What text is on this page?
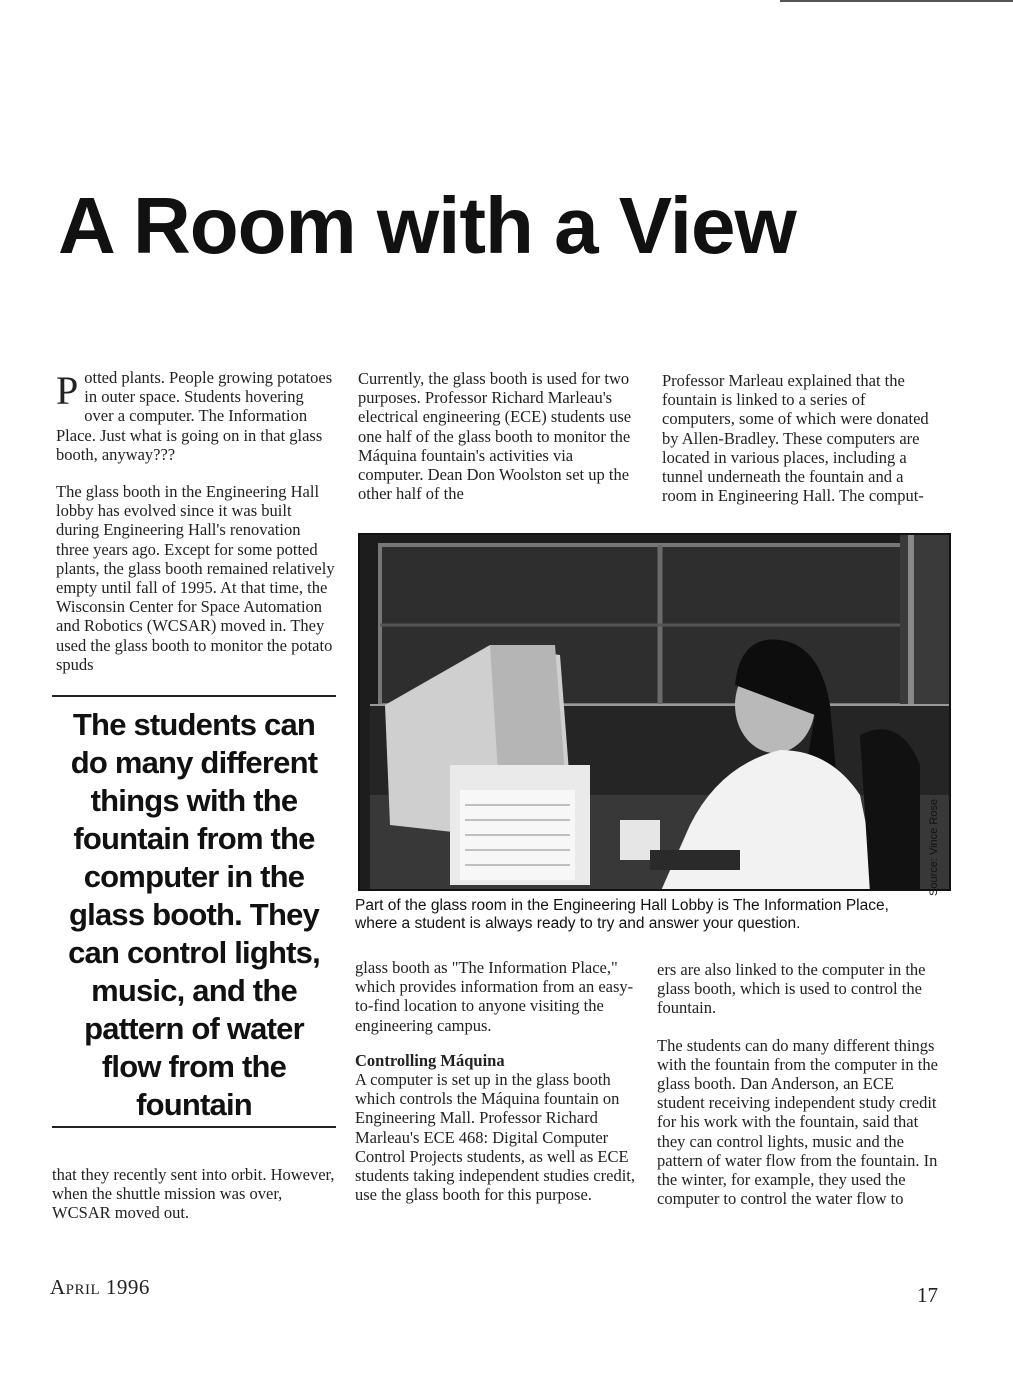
A Room with a View

Potted plants. People growing potatoes in outer space. Students hovering over a computer. The Information Place. Just what is going on in that glass booth, anyway???

The glass booth in the Engineering Hall lobby has evolved since it was built during Engineering Hall's renovation three years ago. Except for some potted plants, the glass booth remained relatively empty until fall of 1995. At that time, the Wisconsin Center for Space Automation and Robotics (WCSAR) moved in. They used the glass booth to monitor the potato spuds

The students can do many different things with the fountain from the computer in the glass booth. They can control lights, music, and the pattern of water flow from the fountain

that they recently sent into orbit. However, when the shuttle mission was over, WCSAR moved out.

Currently, the glass booth is used for two purposes. Professor Richard Marleau's electrical engineering (ECE) students use one half of the glass booth to monitor the Máquina fountain's activities via computer. Dean Don Woolston set up the other half of the

Professor Marleau explained that the fountain is linked to a series of computers, some of which were donated by Allen-Bradley. These computers are located in various places, including a tunnel underneath the fountain and a room in Engineering Hall. The comput-

Source: Vince Rose
Part of the glass room in the Engineering Hall Lobby is The Information Place, where a student is always ready to try and answer your question.

glass booth as "The Information Place," which provides information from an easy-to-find location to anyone visiting the engineering campus.

Controlling Máquina

A computer is set up in the glass booth which controls the Máquina fountain on Engineering Mall. Professor Richard Marleau's ECE 468: Digital Computer Control Projects students, as well as ECE students taking independent studies credit, use the glass booth for this purpose.

ers are also linked to the computer in the glass booth, which is used to control the fountain.

The students can do many different things with the fountain from the computer in the glass booth. Dan Anderson, an ECE student receiving independent study credit for his work with the fountain, said that they can control lights, music and the pattern of water flow from the fountain. In the winter, for example, they used the computer to control the water flow to

April 1996	17
